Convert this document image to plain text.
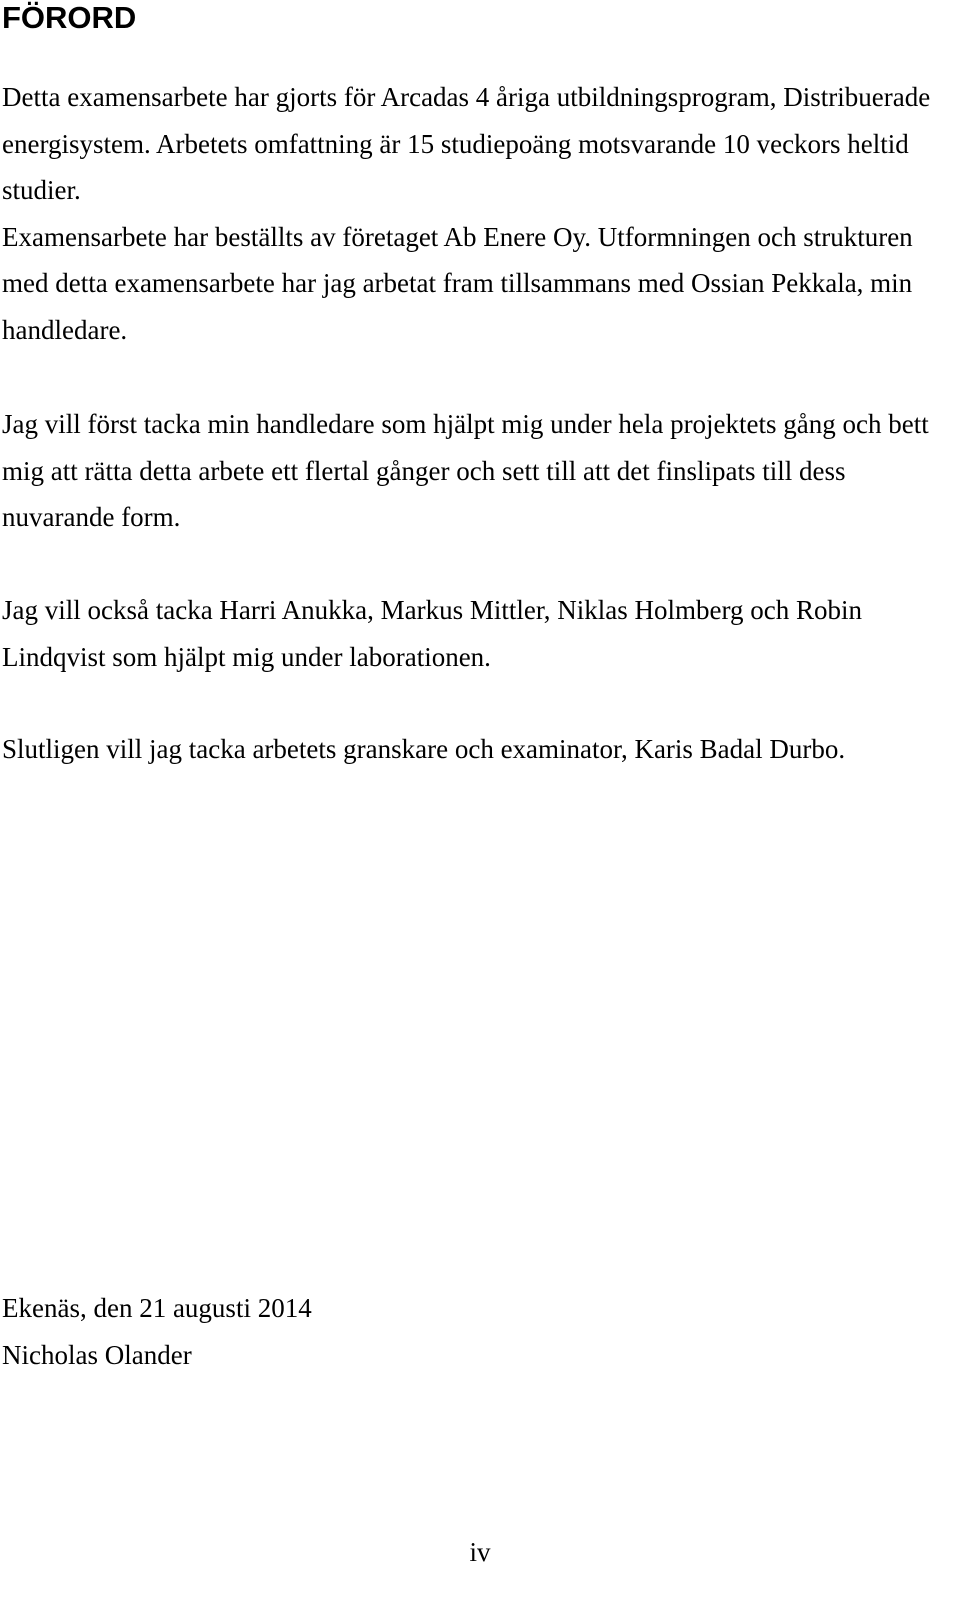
FÖRORD
Detta examensarbete har gjorts för Arcadas 4 åriga utbildningsprogram, Distribuerade
energisystem. Arbetets omfattning är 15 studiepoäng motsvarande 10 veckors heltid
studier.
Examensarbete har beställts av företaget Ab Enere Oy. Utformningen och strukturen
med detta examensarbete har jag arbetat fram tillsammans med Ossian Pekkala, min
handledare.
Jag vill först tacka min handledare som hjälpt mig under hela projektets gång och bett
mig att rätta detta arbete ett flertal gånger och sett till att det finslipats till dess
nuvarande form.
Jag vill också tacka Harri Anukka, Markus Mittler, Niklas Holmberg och Robin
Lindqvist som hjälpt mig under laborationen.
Slutligen vill jag tacka arbetets granskare och examinator, Karis Badal Durbo.
Ekenäs, den 21 augusti 2014
Nicholas Olander
iv
